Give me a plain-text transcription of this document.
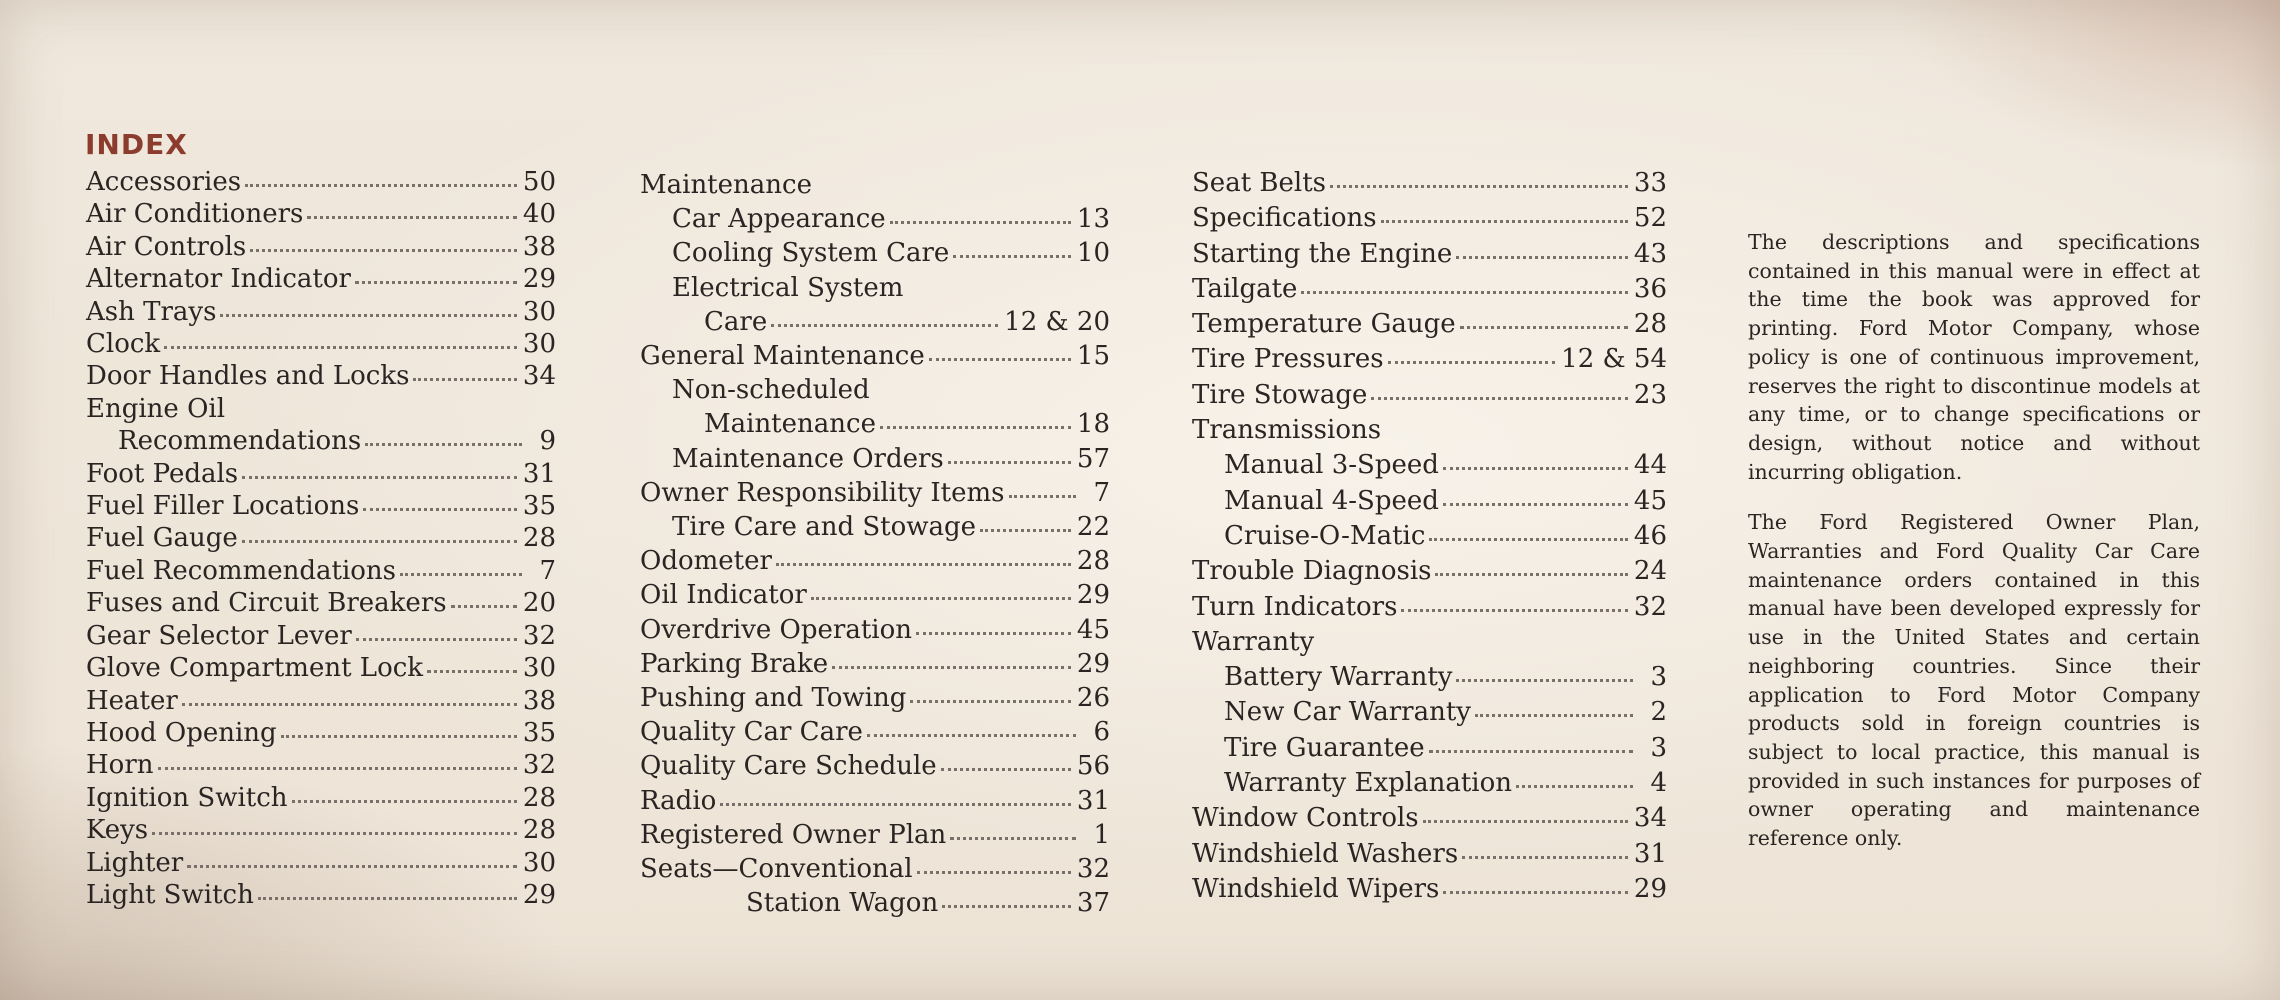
INDEX
Accessories	50
Air Conditioners	40
Air Controls	38
Alternator Indicator	29
Ash Trays	30
Clock	30
Door Handles and Locks	34
Engine Oil
Recommendations	9
Foot Pedals	31
Fuel Filler Locations	35
Fuel Gauge	28
Fuel Recommendations	7
Fuses and Circuit Breakers	20
Gear Selector Lever	32
Glove Compartment Lock	30
Heater	38
Hood Opening	35
Horn	32
Ignition Switch	28
Keys	28
Lighter	30
Light Switch	29
Maintenance
Car Appearance	13
Cooling System Care	10
Electrical System
Care	12 & 20
General Maintenance	15
Non-scheduled
Maintenance	18
Maintenance Orders	57
Owner Responsibility Items	7
Tire Care and Stowage	22
Odometer	28
Oil Indicator	29
Overdrive Operation	45
Parking Brake	29
Pushing and Towing	26
Quality Car Care	6
Quality Care Schedule	56
Radio	31
Registered Owner Plan	1
Seats—Conventional	32
Station Wagon	37
Seat Belts	33
Specifications	52
Starting the Engine	43
Tailgate	36
Temperature Gauge	28
Tire Pressures	12 & 54
Tire Stowage	23
Transmissions
Manual 3-Speed	44
Manual 4-Speed	45
Cruise-O-Matic	46
Trouble Diagnosis	24
Turn Indicators	32
Warranty
Battery Warranty	3
New Car Warranty	2
Tire Guarantee	3
Warranty Explanation	4
Window Controls	34
Windshield Washers	31
Windshield Wipers	29

The descriptions and specifications contained in this manual were in effect at the time the book was approved for printing. Ford Motor Company, whose policy is one of continuous improvement, reserves the right to discontinue models at any time, or to change specifications or design, without notice and without incurring obligation.

The Ford Registered Owner Plan, Warranties and Ford Quality Car Care maintenance orders contained in this manual have been developed expressly for use in the United States and certain neighboring countries. Since their application to Ford Motor Company products sold in foreign countries is subject to local practice, this manual is provided in such instances for purposes of owner operating and maintenance reference only.
